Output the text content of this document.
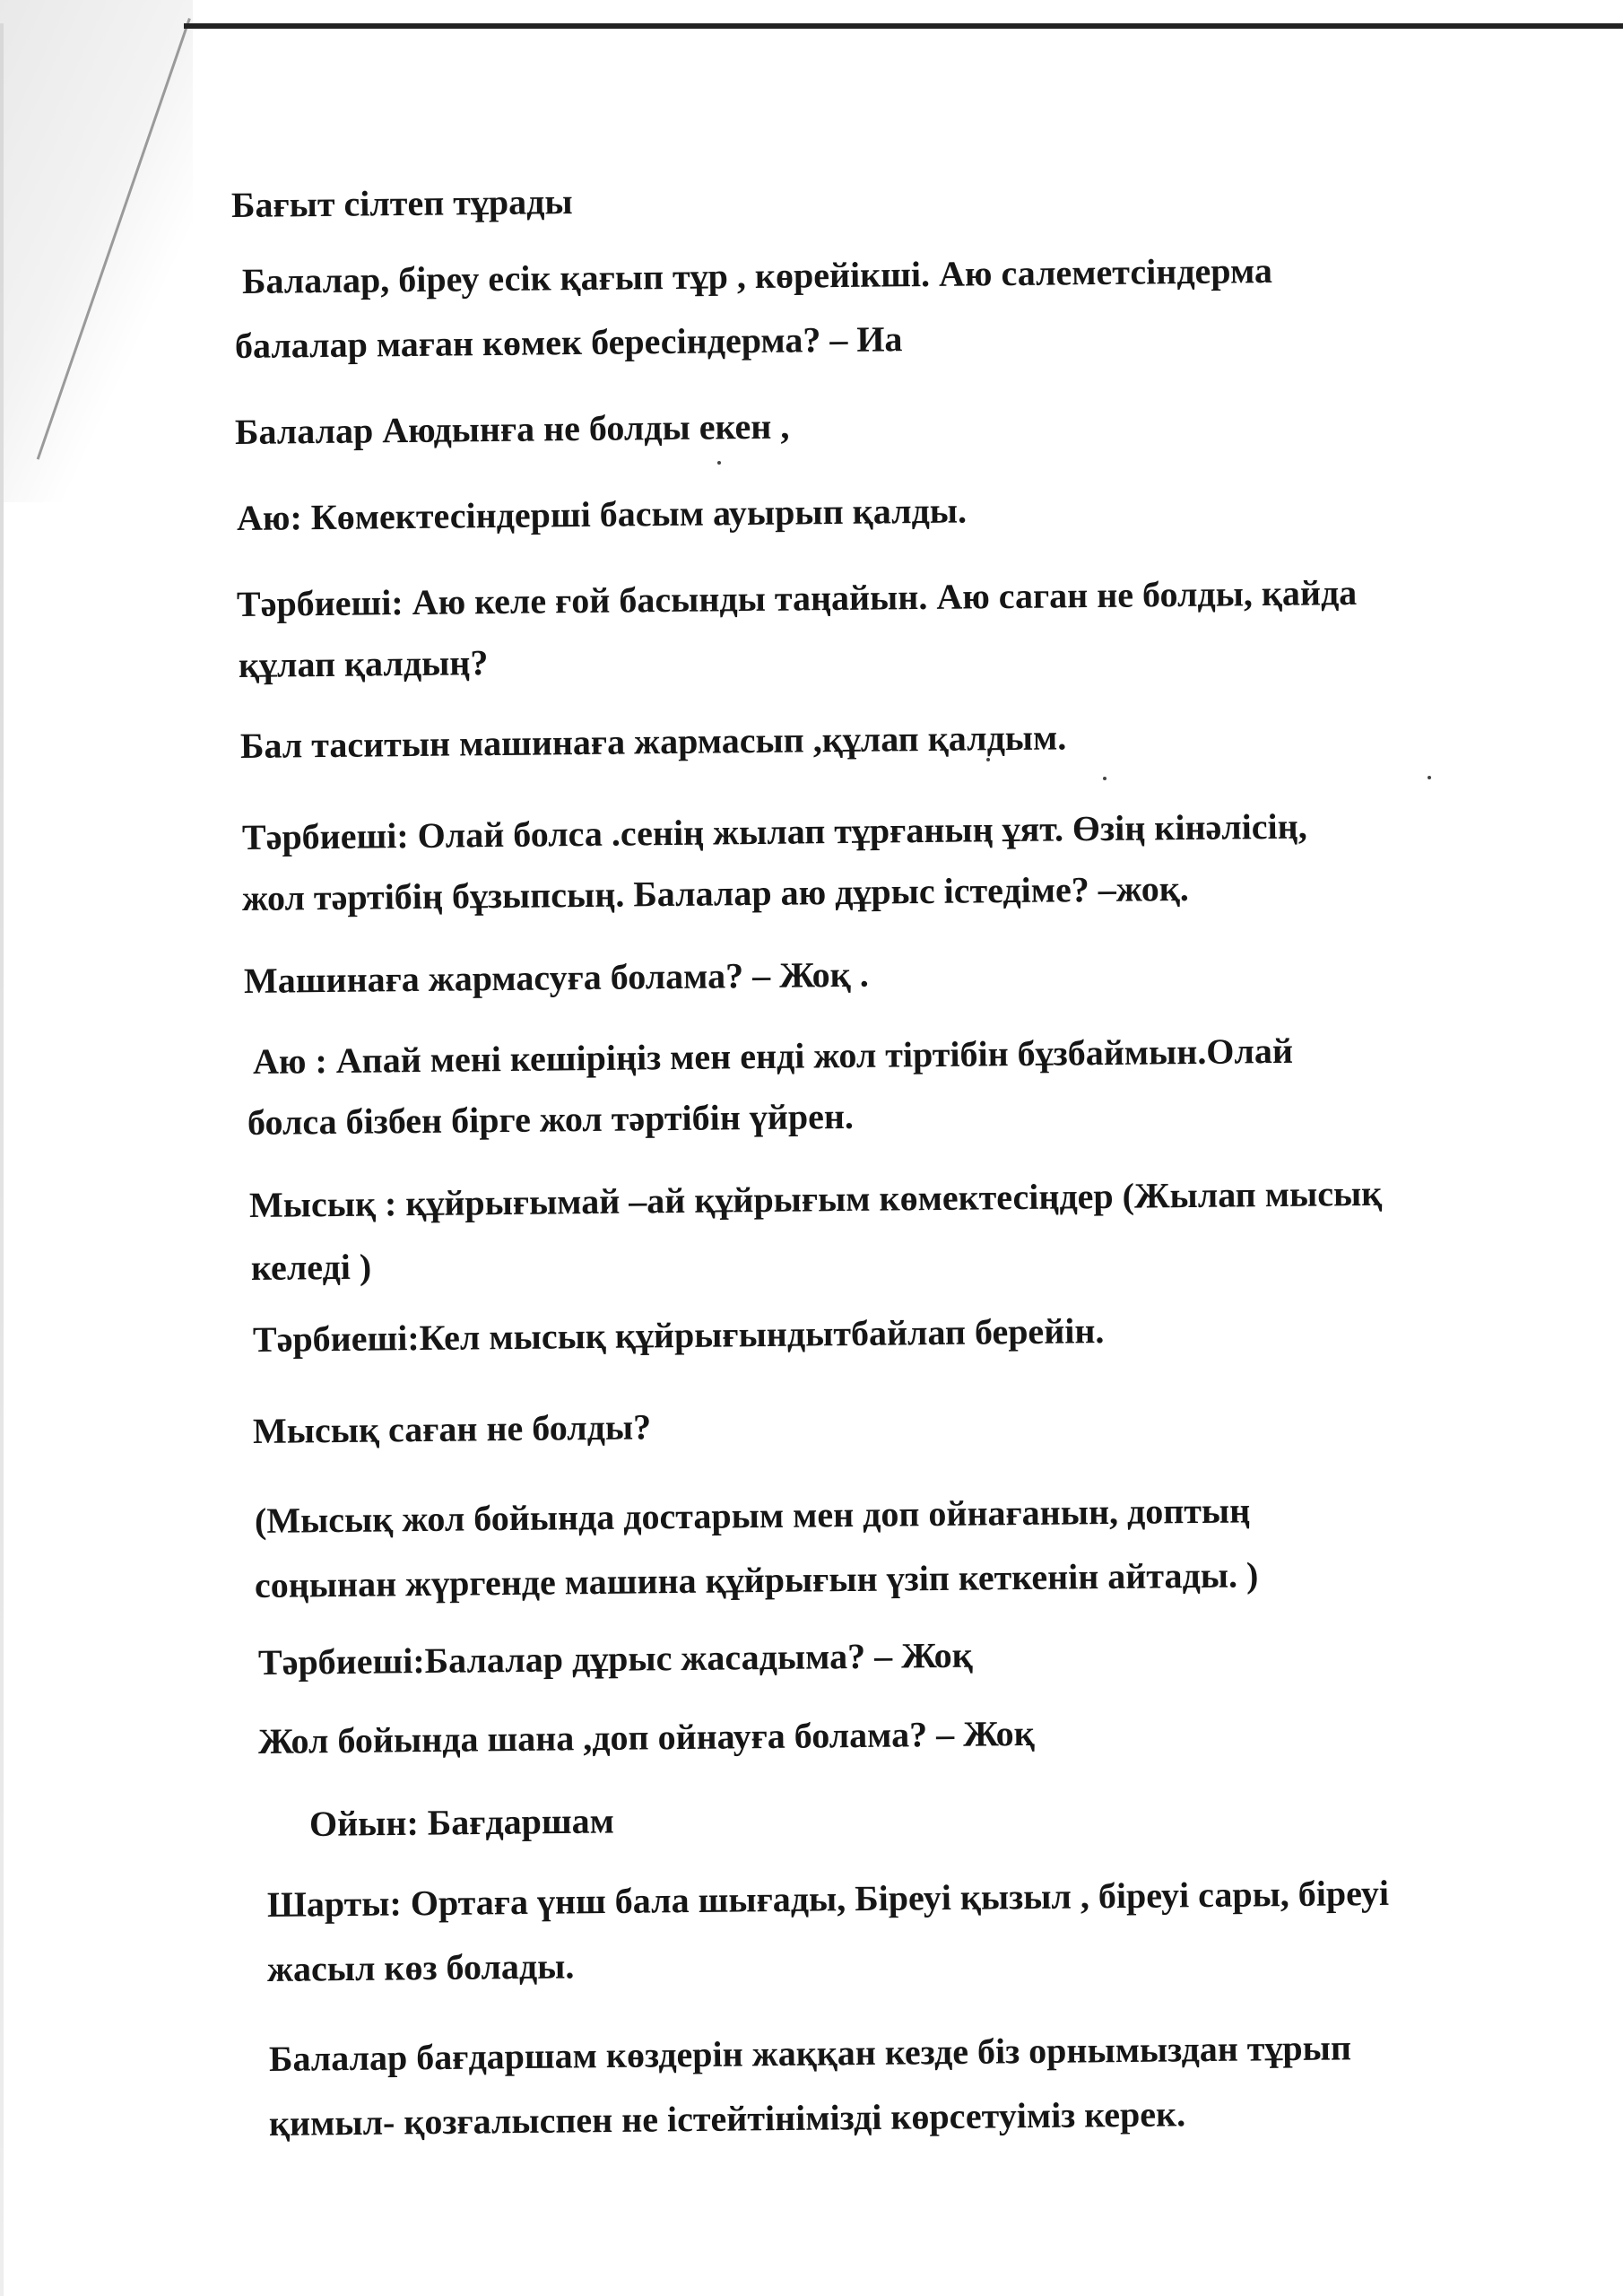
Бағыт сілтеп тұрады
Балалар, біреу есік қағып тұр , көрейікші. Аю салеметсіндерма
балалар маған көмек бересіндерма? – Иа
Балалар Аюдынға не болды екен ,
Аю: Көмектесіндерші басым ауырып қалды.
Тәрбиеші: Аю келе ғой басынды таңайын. Аю саган не болды, қайда
құлап қалдың?
Бал таситын машинаға жармасып ,құлап қалдым.
Тәрбиеші: Олай болса .сенің жылап тұрғаның ұят. Өзің кінәлісің,
жол тәртібің бұзыпсың. Балалар аю дұрыс істедіме? –жоқ.
Машинаға жармасуға болама? – Жоқ .
Аю : Апай мені кешіріңіз мен енді жол тіртібін бұзбаймын.Олай
болса бізбен бірге жол тәртібін үйрен.
Мысық : құйрығымай –ай құйрығым көмектесіңдер (Жылап мысық
келеді )
Тәрбиеші:Кел мысық құйрығындытбайлап берейін.
Мысық саған не болды?
(Мысық жол бойында достарым мен доп ойнағанын, доптың
соңынан жүргенде машина құйрығын үзіп кеткенін айтады. )
Тәрбиеші:Балалар дұрыс жасадыма? – Жоқ
Жол бойында шана ,доп ойнауға болама? – Жоқ
Ойын: Бағдаршам
Шарты: Ортаға үнш бала шығады, Біреуі қызыл , біреуі сары, біреуі
жасыл көз болады.
Балалар бағдаршам көздерін жаққан кезде біз орнымыздан тұрып
қимыл- қозғалыспен не істейтінімізді көрсетуіміз керек.
